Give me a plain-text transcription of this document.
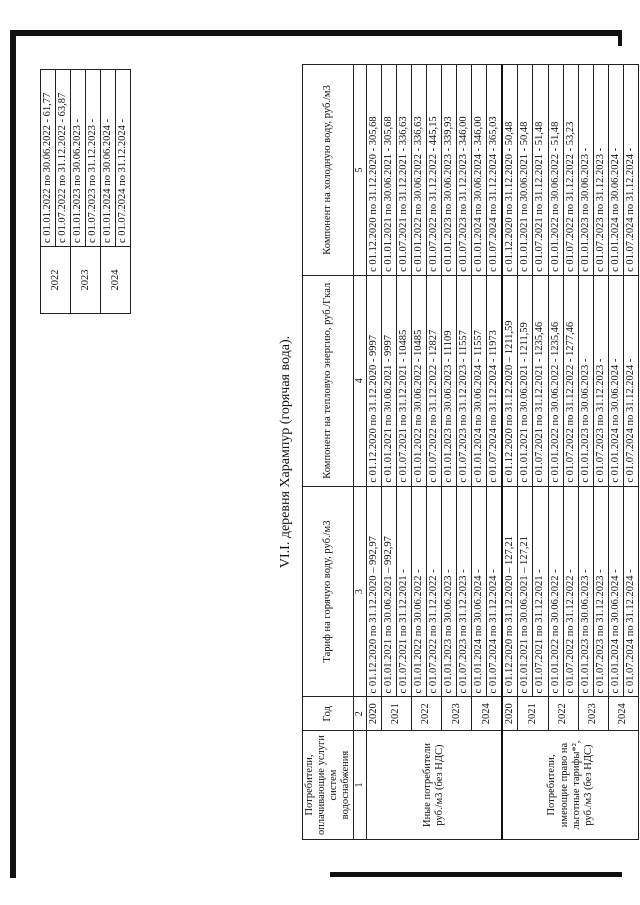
	2022	с 01.01.2022 по 30.06.2022 - 61,77
		с 01.07.2022 по 31.12.2022 - 63,87
	2023	с 01.01.2023 по 30.06.2023 -
		с 01.07.2023 по 31.12.2023 -
	2024	с 01.01.2024 по 30.06.2024 -
		с 01.07.2024 по 31.12.2024 -
VI.I. деревня Харампур (горячая вода).
Потребители, оплачивающие услуги систем водоснабжения	Год	Тариф на горячую воду, руб./м3	Компонент на тепловую энергию, руб./Гкал	Компонент на холодную воду, руб./м3
1	2	3	4	5
Иные потребители руб./м3 (без НДС)	2020	с 01.12.2020 по 31.12.2020 – 992,97	с 01.12.2020 по 31.12.2020 - 9997	с 01.12.2020 по 31.12.2020 - 305,68
	2021	с 01.01.2021 по 30.06.2021 – 992,97	с 01.01.2021 по 30.06.2021 - 9997	с 01.01.2021 по 30.06.2021 - 305,68
		с 01.07.2021 по 31.12.2021 -	с 01.07.2021 по 31.12.2021 - 10485	с 01.07.2021 по 31.12.2021 - 336,63
	2022	с 01.01.2022 по 30.06.2022 -	с 01.01.2022 по 30.06.2022 - 10485	с 01.01.2022 по 30.06.2022 - 336,63
		с 01.07.2022 по 31.12.2022 -	с 01.07.2022 по 31.12.2022 - 12827	с 01.07.2022 по 31.12.2022 - 445,15
	2023	с 01.01.2023 по 30.06.2023 -	с 01.01.2023 по 30.06.2023 - 11109	с 01.01.2023 по 30.06.2023 - 339,93
		с 01.07.2023 по 31.12.2023 -	с 01.07.2023 по 31.12.2023 - 11557	с 01.07.2023 по 31.12.2023 - 346,00
	2024	с 01.01.2024 по 30.06.2024 -	с 01.01.2024 по 30.06.2024 - 11557	с 01.01.2024 по 30.06.2024 - 346,00
		с 01.07.2024 по 31.12.2024 -	с 01.07.2024 по 31.12.2024 - 11973	с 01.07.2024 по 31.12.2024 - 365,03
Потребители, имеющие право на льготные тарифы*², руб./м3 (без НДС)	2020	с 01.12.2020 по 31.12.2020 – 127,21	с 01.12.2020 по 31.12.2020 – 1211,59	с 01.12.2020 по 31.12.2020 - 50,48
	2021	с 01.01.2021 по 30.06.2021 – 127,21	с 01.01.2021 по 30.06.2021 - 1211,59	с 01.01.2021 по 30.06.2021 - 50,48
		с 01.07.2021 по 31.12.2021 -	с 01.07.2021 по 31.12.2021 - 1235,46	с 01.07.2021 по 31.12.2021 - 51,48
	2022	с 01.01.2022 по 30.06.2022 -	с 01.01.2022 по 30.06.2022 - 1235,46	с 01.01.2022 по 30.06.2022 - 51,48
		с 01.07.2022 по 31.12.2022 -	с 01.07.2022 по 31.12.2022 - 1277,46	с 01.07.2022 по 31.12.2022 - 53,23
	2023	с 01.01.2023 по 30.06.2023 -	с 01.01.2023 по 30.06.2023 -	с 01.01.2023 по 30.06.2023 -
		с 01.07.2023 по 31.12.2023 -	с 01.07.2023 по 31.12.2023 -	с 01.07.2023 по 31.12.2023 -
	2024	с 01.01.2024 по 30.06.2024 -	с 01.01.2024 по 30.06.2024 -	с 01.01.2024 по 30.06.2024 -
		с 01.07.2024 по 31.12.2024 -	с 01.07.2024 по 31.12.2024 -	с 01.07.2024 по 31.12.2024 -
